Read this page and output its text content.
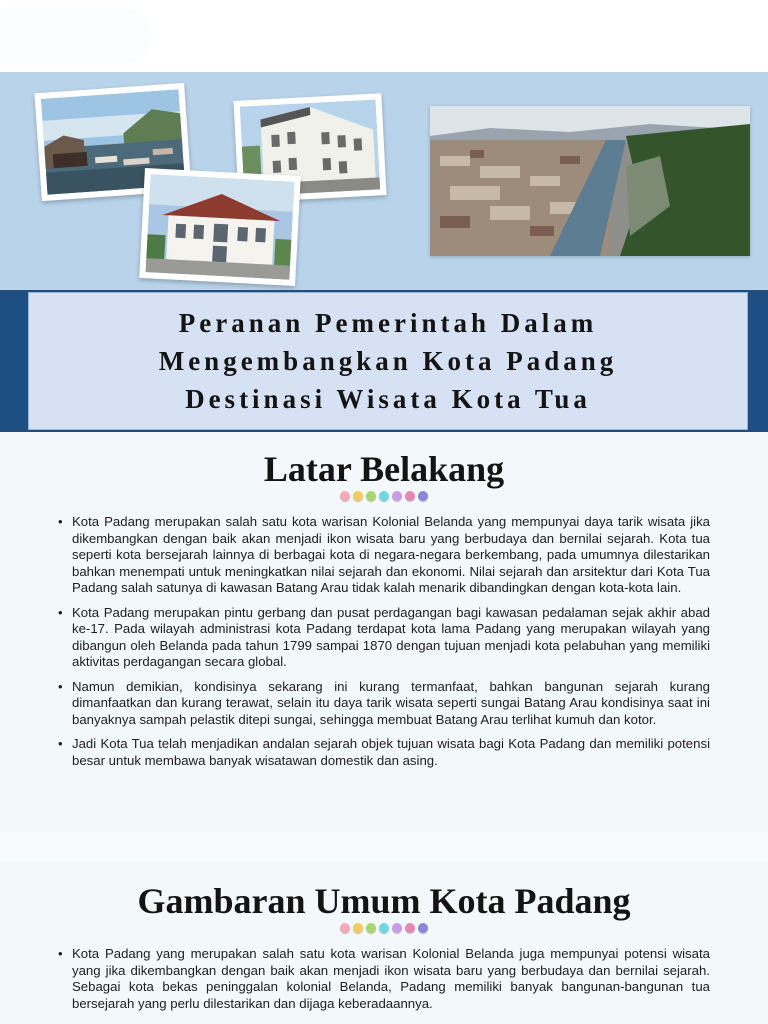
Peranan Pemerintah Dalam
Mengembangkan Kota Padang
Destinasi Wisata Kota Tua
Latar Belakang
• Kota Padang merupakan salah satu kota warisan Kolonial Belanda yang mempunyai daya tarik wisata jika dikembangkan dengan baik akan menjadi ikon wisata baru yang berbudaya dan bernilai sejarah. Kota tua seperti kota bersejarah lainnya di berbagai kota di negara-negara berkembang, pada umumnya dilestarikan bahkan menempati untuk meningkatkan nilai sejarah dan ekonomi. Nilai sejarah dan arsitektur dari Kota Tua Padang salah satunya di kawasan Batang Arau tidak kalah menarik dibandingkan dengan kota-kota lain.
• Kota Padang merupakan pintu gerbang dan pusat perdagangan bagi kawasan pedalaman sejak akhir abad ke-17. Pada wilayah administrasi kota Padang terdapat kota lama Padang yang merupakan wilayah yang dibangun oleh Belanda pada tahun 1799 sampai 1870 dengan tujuan menjadi kota pelabuhan yang memiliki aktivitas perdagangan secara global.
• Namun demikian, kondisinya sekarang ini kurang termanfaat, bahkan bangunan sejarah kurang dimanfaatkan dan kurang terawat, selain itu daya tarik wisata seperti sungai Batang Arau kondisinya saat ini banyaknya sampah pelastik ditepi sungai, sehingga membuat Batang Arau terlihat kumuh dan kotor.
• Jadi Kota Tua telah menjadikan andalan sejarah objek tujuan wisata bagi Kota Padang dan memiliki potensi besar untuk membawa banyak wisatawan domestik dan asing.
Gambaran Umum Kota Padang
• Kota Padang yang merupakan salah satu kota warisan Kolonial Belanda juga mempunyai potensi wisata yang jika dikembangkan dengan baik akan menjadi ikon wisata baru yang berbudaya dan bernilai sejarah. Sebagai kota bekas peninggalan kolonial Belanda, Padang memiliki banyak bangunan-bangunan tua bersejarah yang perlu dilestarikan dan dijaga keberadaannya.
